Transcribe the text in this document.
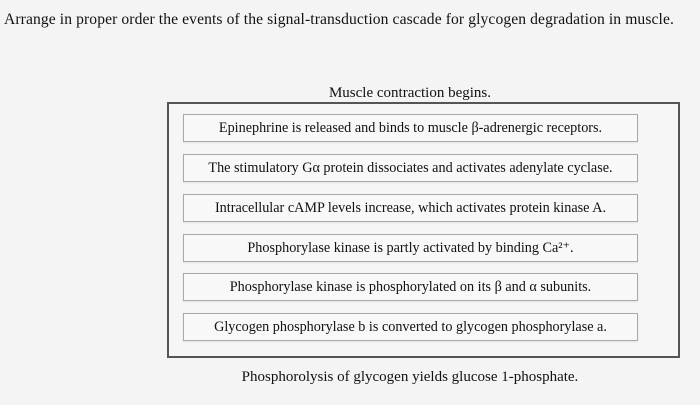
Arrange in proper order the events of the signal-transduction cascade for glycogen degradation in muscle.
Muscle contraction begins.
Epinephrine is released and binds to muscle β-adrenergic receptors.
The stimulatory Gα protein dissociates and activates adenylate cyclase.
Intracellular cAMP levels increase, which activates protein kinase A.
Phosphorylase kinase is partly activated by binding Ca²⁺.
Phosphorylase kinase is phosphorylated on its β and α subunits.
Glycogen phosphorylase b is converted to glycogen phosphorylase a.
Phosphorolysis of glycogen yields glucose 1-phosphate.
